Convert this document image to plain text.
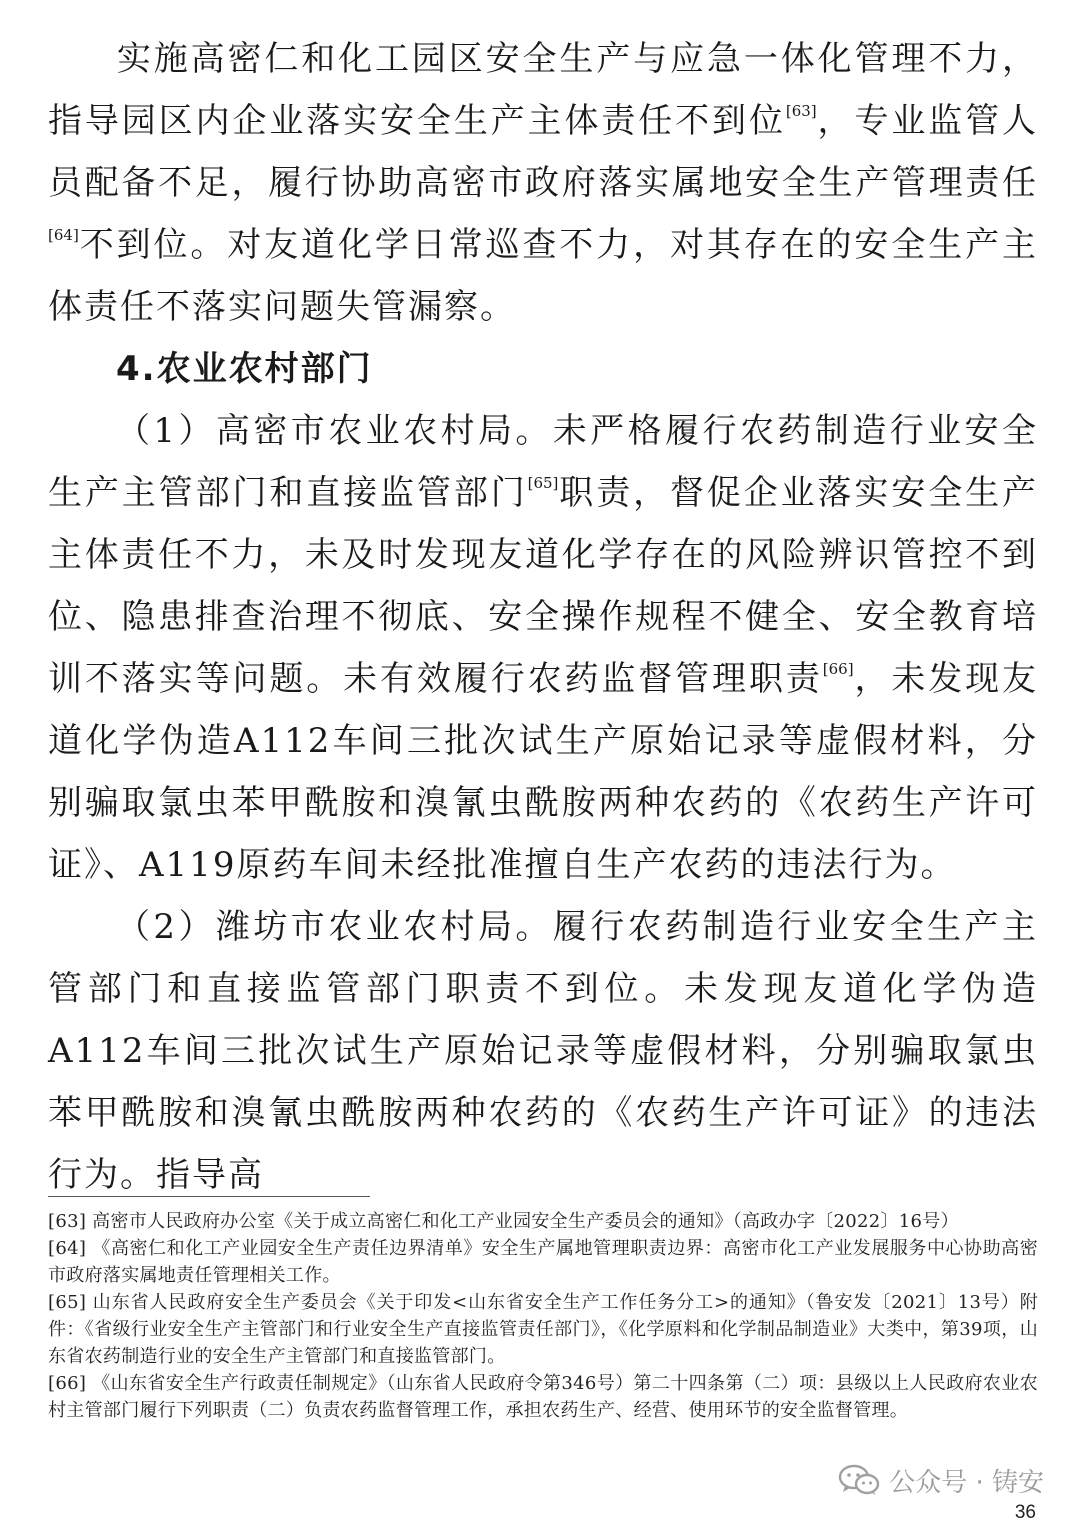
实施高密仁和化工园区安全生产与应急一体化管理不力，指导园区内企业落实安全生产主体责任不到位[63]，专业监管人员配备不足，履行协助高密市政府落实属地安全生产管理责任[64]不到位。对友道化学日常巡查不力，对其存在的安全生产主体责任不落实问题失管漏察。

4.农业农村部门

（1）高密市农业农村局。未严格履行农药制造行业安全生产主管部门和直接监管部门[65]职责，督促企业落实安全生产主体责任不力，未及时发现友道化学存在的风险辨识管控不到位、隐患排查治理不彻底、安全操作规程不健全、安全教育培训不落实等问题。未有效履行农药监督管理职责[66]，未发现友道化学伪造A112车间三批次试生产原始记录等虚假材料，分别骗取氯虫苯甲酰胺和溴氰虫酰胺两种农药的《农药生产许可证》、A119原药车间未经批准擅自生产农药的违法行为。

（2）潍坊市农业农村局。履行农药制造行业安全生产主管部门和直接监管部门职责不到位。未发现友道化学伪造A112车间三批次试生产原始记录等虚假材料，分别骗取氯虫苯甲酰胺和溴氰虫酰胺两种农药的《农药生产许可证》的违法行为。指导高

[63] 高密市人民政府办公室《关于成立高密仁和化工产业园安全生产委员会的通知》（高政办字〔2022〕16号）

[64] 《高密仁和化工产业园安全生产责任边界清单》安全生产属地管理职责边界：高密市化工产业发展服务中心协助高密市政府落实属地责任管理相关工作。

[65] 山东省人民政府安全生产委员会《关于印发<山东省安全生产工作任务分工>的通知》（鲁安发〔2021〕13号）附件：《省级行业安全生产主管部门和行业安全生产直接监管责任部门》，《化学原料和化学制品制造业》大类中，第39项，山东省农药制造行业的安全生产主管部门和直接监管部门。

[66] 《山东省安全生产行政责任制规定》（山东省人民政府令第346号）第二十四条第（二）项：县级以上人民政府农业农村主管部门履行下列职责（二）负责农药监督管理工作，承担农药生产、经营、使用环节的安全监督管理。

公众号 · 铸安
36
